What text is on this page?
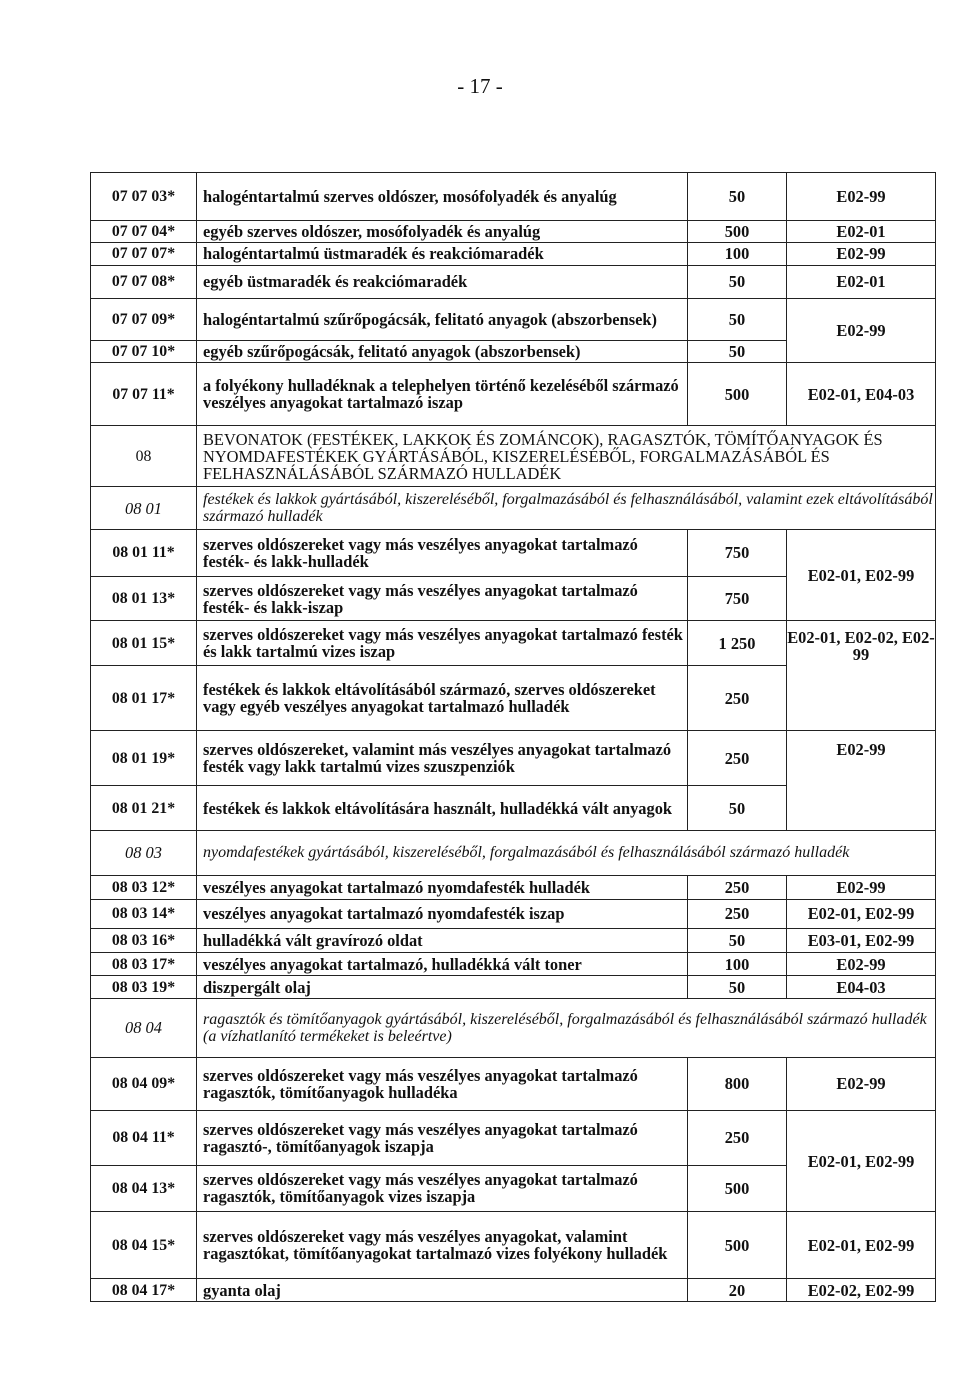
- 17 -
07 07 03*	halogéntartalmú szerves oldószer, mosófolyadék és anyalúg	50	E02-99
07 07 04*	egyéb szerves oldószer, mosófolyadék és anyalúg	500	E02-01
07 07 07*	halogéntartalmú üstmaradék és reakciómaradék	100	E02-99
07 07 08*	egyéb üstmaradék és reakciómaradék	50	E02-01
07 07 09*	halogéntartalmú szűrőpogácsák, felitató anyagok (abszorbensek)	50	E02-99
07 07 10*	egyéb szűrőpogácsák, felitató anyagok (abszorbensek)	50	
07 07 11*	a folyékony hulladéknak a telephelyen történő kezeléséből származó veszélyes anyagokat tartalmazó iszap	500	E02-01, E04-03
08	BEVONATOK (FESTÉKEK, LAKKOK ÉS ZOMÁNCOK), RAGASZTÓK, TÖMÍTŐANYAGOK ÉS NYOMDAFESTÉKEK GYÁRTÁSÁBÓL, KISZERELÉSÉBŐL, FORGALMAZÁSÁBÓL ÉS FELHASZNÁLÁSÁBÓL SZÁRMAZÓ HULLADÉK		
08 01	festékek és lakkok gyártásából, kiszereléséből, forgalmazásából és felhasználásából, valamint ezek eltávolításából származó hulladék		
08 01 11*	szerves oldószereket vagy más veszélyes anyagokat tartalmazó festék- és lakk-hulladék	750	E02-01, E02-99
08 01 13*	szerves oldószereket vagy más veszélyes anyagokat tartalmazó festék- és lakk-iszap	750	
08 01 15*	szerves oldószereket vagy más veszélyes anyagokat tartalmazó festék és lakk tartalmú vizes iszap	1 250	E02-01, E02-02, E02-99
08 01 17*	festékek és lakkok eltávolításából származó, szerves oldószereket vagy egyéb veszélyes anyagokat tartalmazó hulladék	250	
08 01 19*	szerves oldószereket, valamint más veszélyes anyagokat tartalmazó festék vagy lakk tartalmú vizes szuszpenziók	250	E02-99
08 01 21*	festékek és lakkok eltávolítására használt, hulladékká vált anyagok	50	
08 03	nyomdafestékek gyártásából, kiszereléséből, forgalmazásából és felhasználásából származó hulladék		
08 03 12*	veszélyes anyagokat tartalmazó nyomdafesték hulladék	250	E02-99
08 03 14*	veszélyes anyagokat tartalmazó nyomdafesték iszap	250	E02-01, E02-99
08 03 16*	hulladékká vált gravírozó oldat	50	E03-01, E02-99
08 03 17*	veszélyes anyagokat tartalmazó, hulladékká vált toner	100	E02-99
08 03 19*	diszpergált olaj	50	E04-03
08 04	ragasztók és tömítőanyagok gyártásából, kiszereléséből, forgalmazásából és felhasználásából származó hulladék (a vízhatlanító termékeket is beleértve)		
08 04 09*	szerves oldószereket vagy más veszélyes anyagokat tartalmazó ragasztók, tömítőanyagok hulladéka	800	E02-99
08 04 11*	szerves oldószereket vagy más veszélyes anyagokat tartalmazó ragasztó-, tömítőanyagok iszapja	250	E02-01, E02-99
08 04 13*	szerves oldószereket vagy más veszélyes anyagokat tartalmazó ragasztók, tömítőanyagok vizes iszapja	500	
08 04 15*	szerves oldószereket vagy más veszélyes anyagokat, valamint ragasztókat, tömítőanyagokat tartalmazó vizes folyékony hulladék	500	E02-01, E02-99
08 04 17*	gyanta olaj	20	E02-02, E02-99
